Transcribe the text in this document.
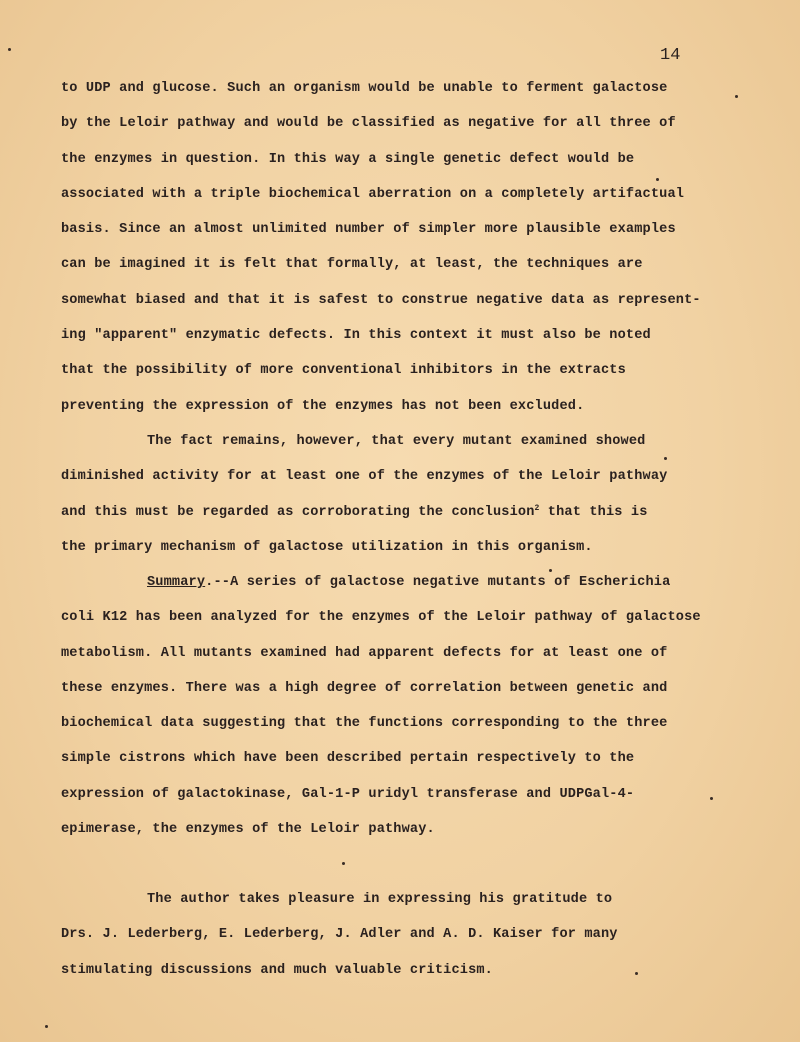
14
to UDP and glucose. Such an organism would be unable to ferment galactose
by the Leloir pathway and would be classified as negative for all three of
the enzymes in question. In this way a single genetic defect would be
associated with a triple biochemical aberration on a completely artifactual
basis. Since an almost unlimited number of simpler more plausible examples
can be imagined it is felt that formally, at least, the techniques are
somewhat biased and that it is safest to construe negative data as represent-
ing "apparent" enzymatic defects. In this context it must also be noted
that the possibility of more conventional inhibitors in the extracts
preventing the expression of the enzymes has not been excluded.
The fact remains, however, that every mutant examined showed
diminished activity for at least one of the enzymes of the Leloir pathway
and this must be regarded as corroborating the conclusion$^2$ that this is
the primary mechanism of galactose utilization in this organism.
Summary.--A series of galactose negative mutants of Escherichia
coli K12 has been analyzed for the enzymes of the Leloir pathway of galactose
metabolism. All mutants examined had apparent defects for at least one of
these enzymes. There was a high degree of correlation between genetic and
biochemical data suggesting that the functions corresponding to the three
simple cistrons which have been described pertain respectively to the
expression of galactokinase, Gal-1-P uridyl transferase and UDPGal-4-
epimerase, the enzymes of the Leloir pathway.
The author takes pleasure in expressing his gratitude to
Drs. J. Lederberg, E. Lederberg, J. Adler and A. D. Kaiser for many
stimulating discussions and much valuable criticism.
